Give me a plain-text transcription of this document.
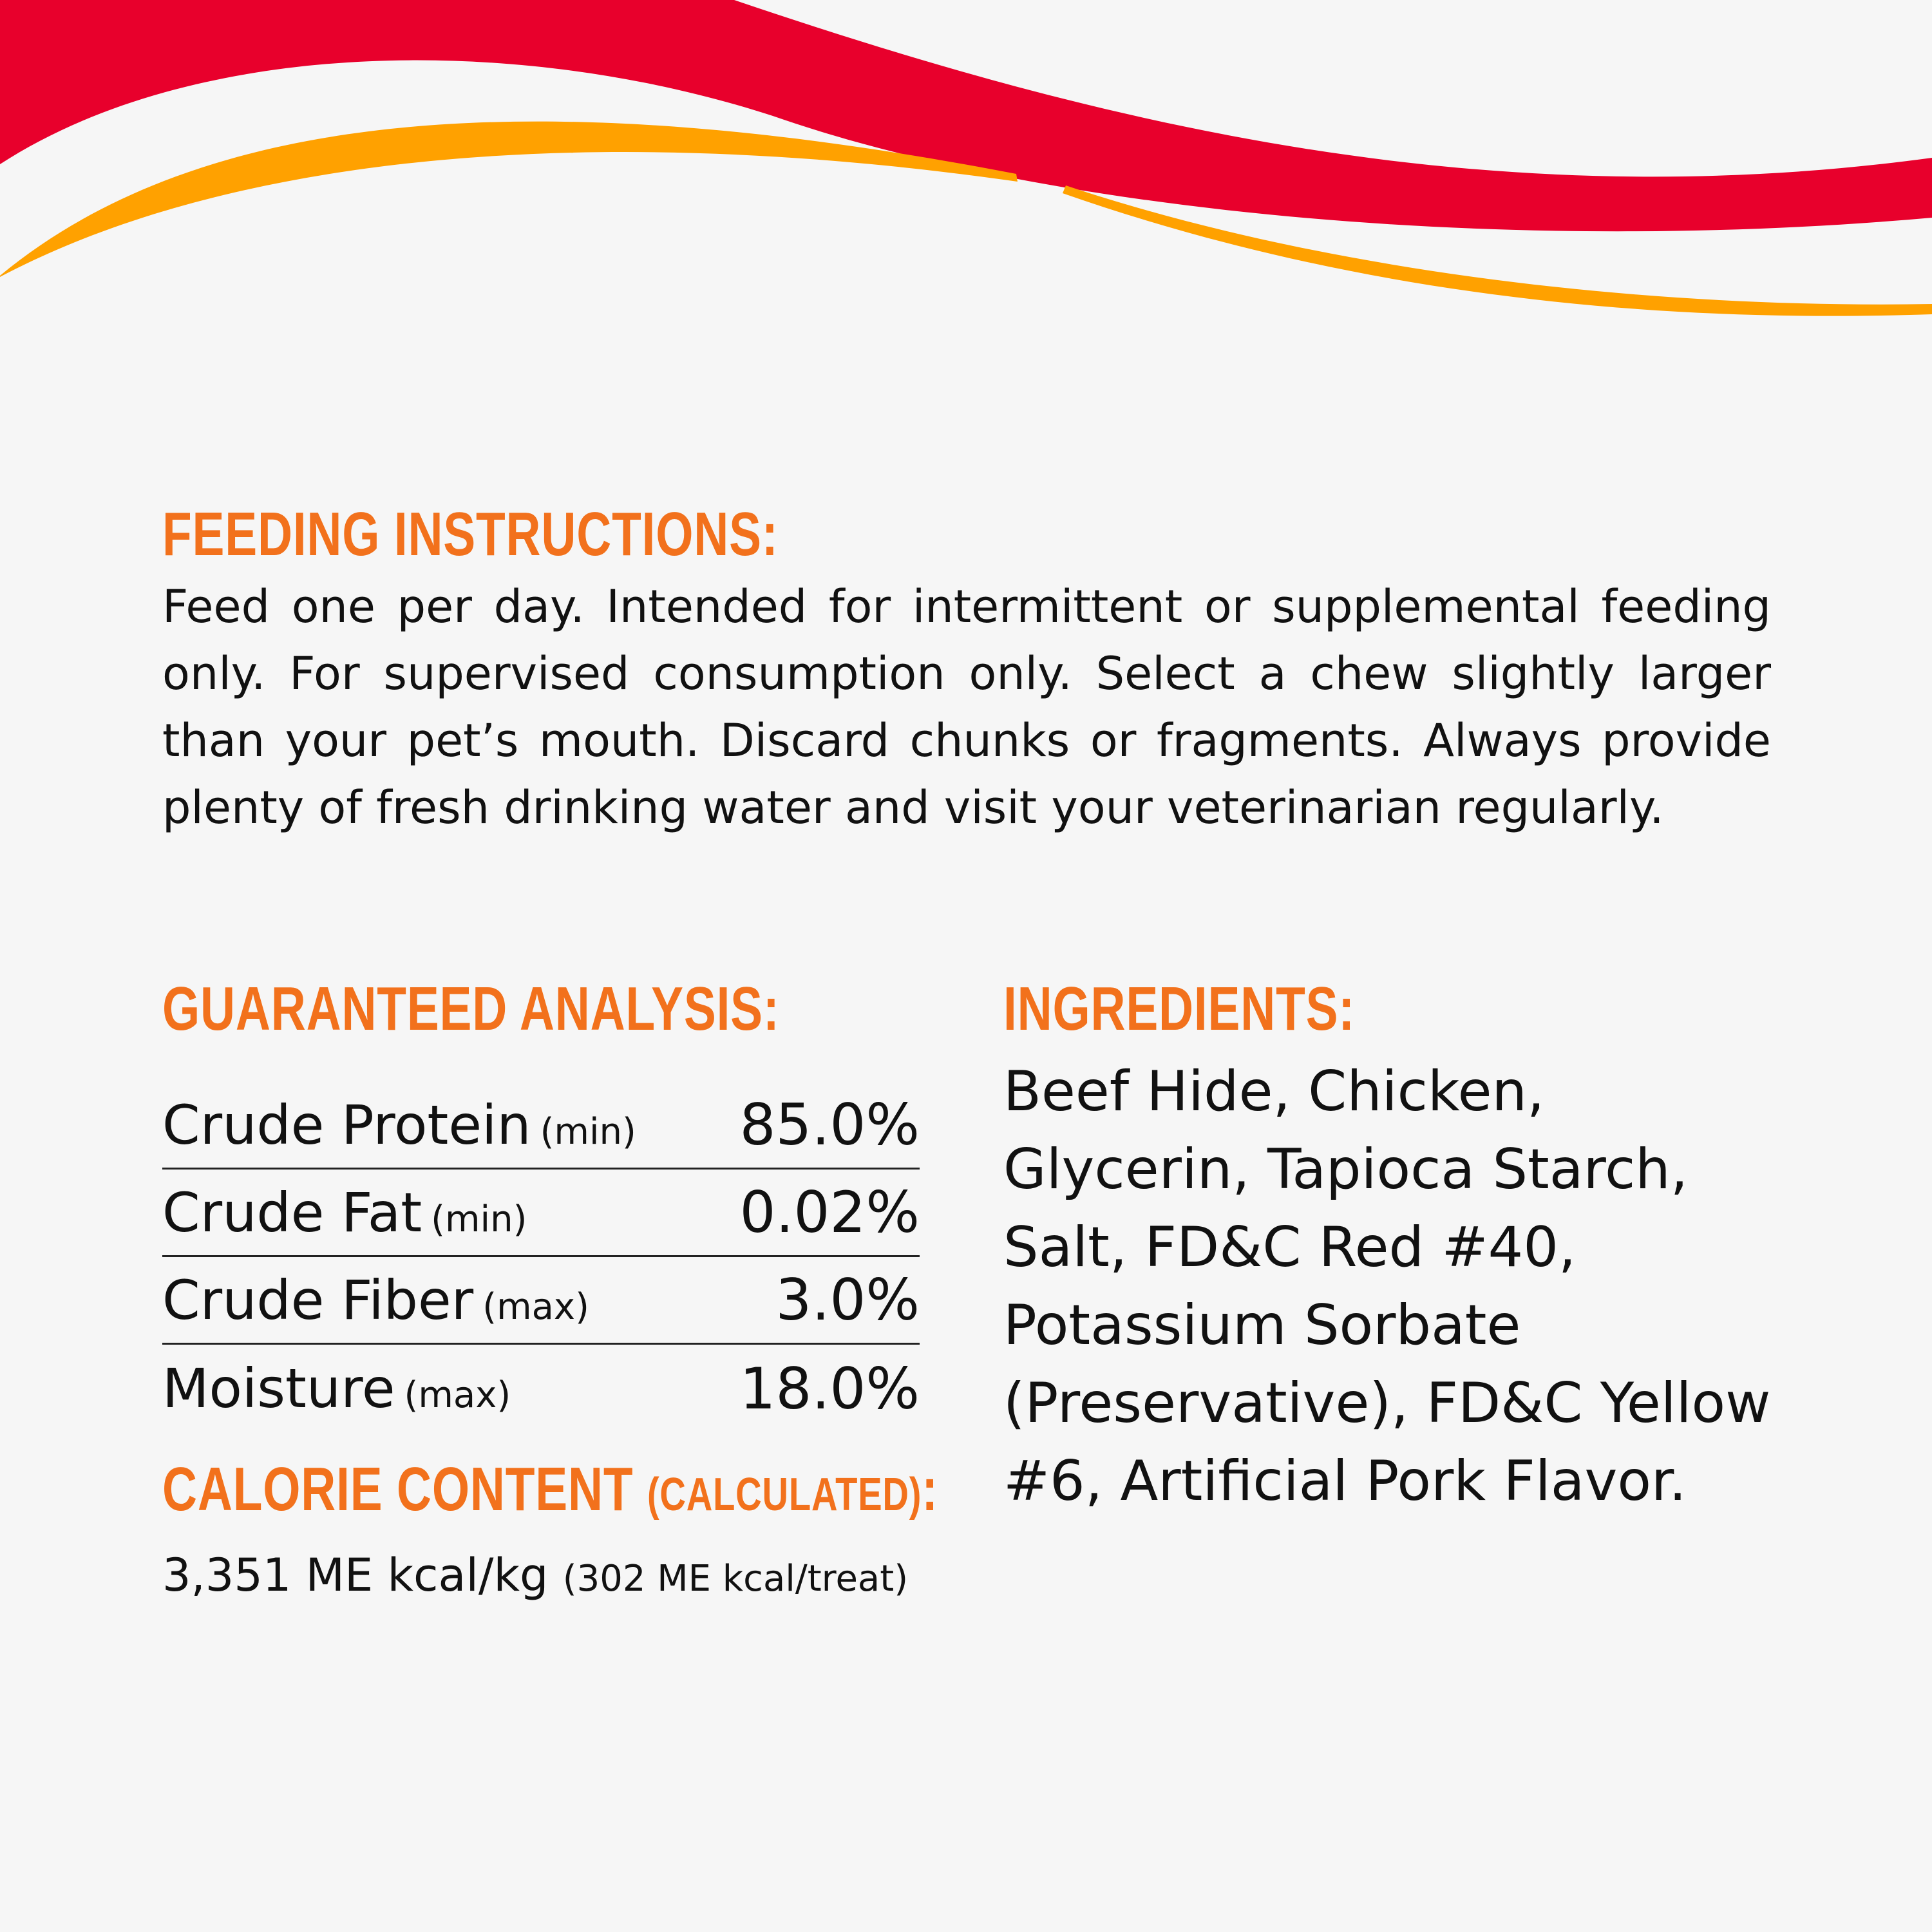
FEEDING INSTRUCTIONS:

Feed one per day. Intended for intermittent or supplemental feeding only. For supervised consumption only. Select a chew slightly larger than your pet’s mouth. Discard chunks or fragments. Always provide plenty of fresh drinking water and visit your veterinarian regularly.

GUARANTEED ANALYSIS:
Crude Protein (min) 85.0%
Crude Fat (min)	0.02%
Crude Fiber (max)	3.0%
Moisture (max)	18.0%
CALORIE CONTENT (CALCULATED):
3,351 ME kcal/kg (302 ME kcal/treat)
INGREDIENTS:

Beef Hide, Chicken, Glycerin, Tapioca Starch, Salt, FD&C Red #40, Potassium Sorbate (Preservative), FD&C Yellow #6, Artificial Pork Flavor.
